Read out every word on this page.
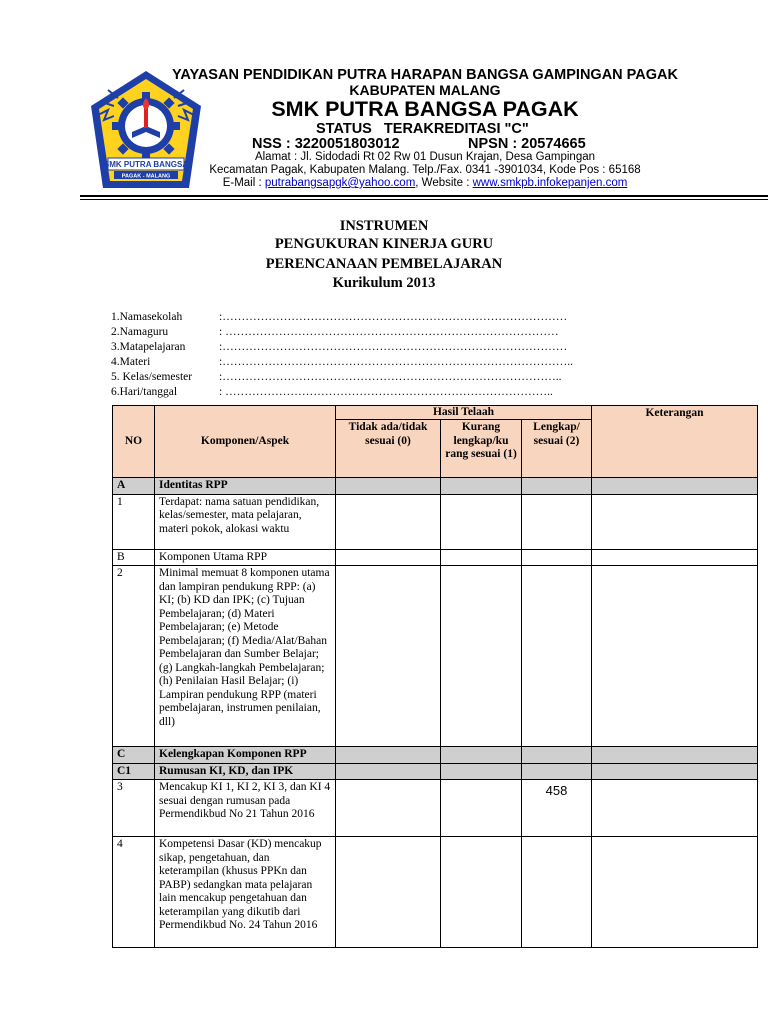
SMK PUTRA BANGSA
PAGAK - MALANG
YAYASAN PENDIDIKAN PUTRA HARAPAN BANGSA GAMPINGAN PAGAK
KABUPATEN MALANG
SMK PUTRA BANGSA PAGAK
STATUS   TERAKREDITASI "C"
NSS : 3220051803012	NPSN : 20574665
Alamat : Jl. Sidodadi Rt 02 Rw 01 Dusun Krajan, Desa Gampingan
Kecamatan Pagak, Kabupaten Malang. Telp./Fax. 0341 -3901034, Kode Pos : 65168
E-Mail : putrabangsapgk@yahoo.com, Website : www.smkpb.infokepanjen.com
INSTRUMEN
PENGUKURAN KINERJA GURU
PERENCANAAN PEMBELAJARAN
Kurikulum 2013
1.Namasekolah	:………………………………………………………………………………
2.Namaguru	: ……………………………………………………………………………
3.Matapelajaran	:………………………………………………………………………………
4.Materi	:………………………………………………………………………………..
5. Kelas/semester :……………………………………………………………………………..
6.Hari/tanggal	: …………………………………………………………………………..
NO	Komponen/Aspek	Hasil Telaah			Keterangan
		Tidak ada/tidak sesuai (0)	Kurang lengkap/ku rang sesuai (1)	Lengkap/ sesuai (2)	
A	Identitas RPP				
1	Terdapat: nama satuan pendidikan, kelas/semester, mata pelajaran, materi pokok, alokasi waktu				
B	Komponen Utama RPP				
2	Minimal memuat 8 komponen utama dan lampiran pendukung RPP: (a) KI; (b) KD dan IPK; (c) Tujuan Pembelajaran; (d) Materi Pembelajaran; (e) Metode Pembelajaran; (f) Media/Alat/Bahan Pembelajaran dan Sumber Belajar; (g) Langkah-langkah Pembelajaran; (h) Penilaian Hasil Belajar; (i) Lampiran pendukung RPP (materi pembelajaran, instrumen penilaian, dll)				
C	Kelengkapan Komponen RPP				
C1	Rumusan KI, KD, dan IPK				
3	Mencakup KI 1, KI 2, KI 3, dan KI 4 sesuai dengan rumusan pada Permendikbud No 21 Tahun 2016			458	
4	Kompetensi Dasar (KD) mencakup sikap, pengetahuan, dan keterampilan (khusus PPKn dan PABP) sedangkan mata pelajaran lain mencakup pengetahuan dan keterampilan yang dikutib dari Permendikbud No. 24 Tahun 2016				
